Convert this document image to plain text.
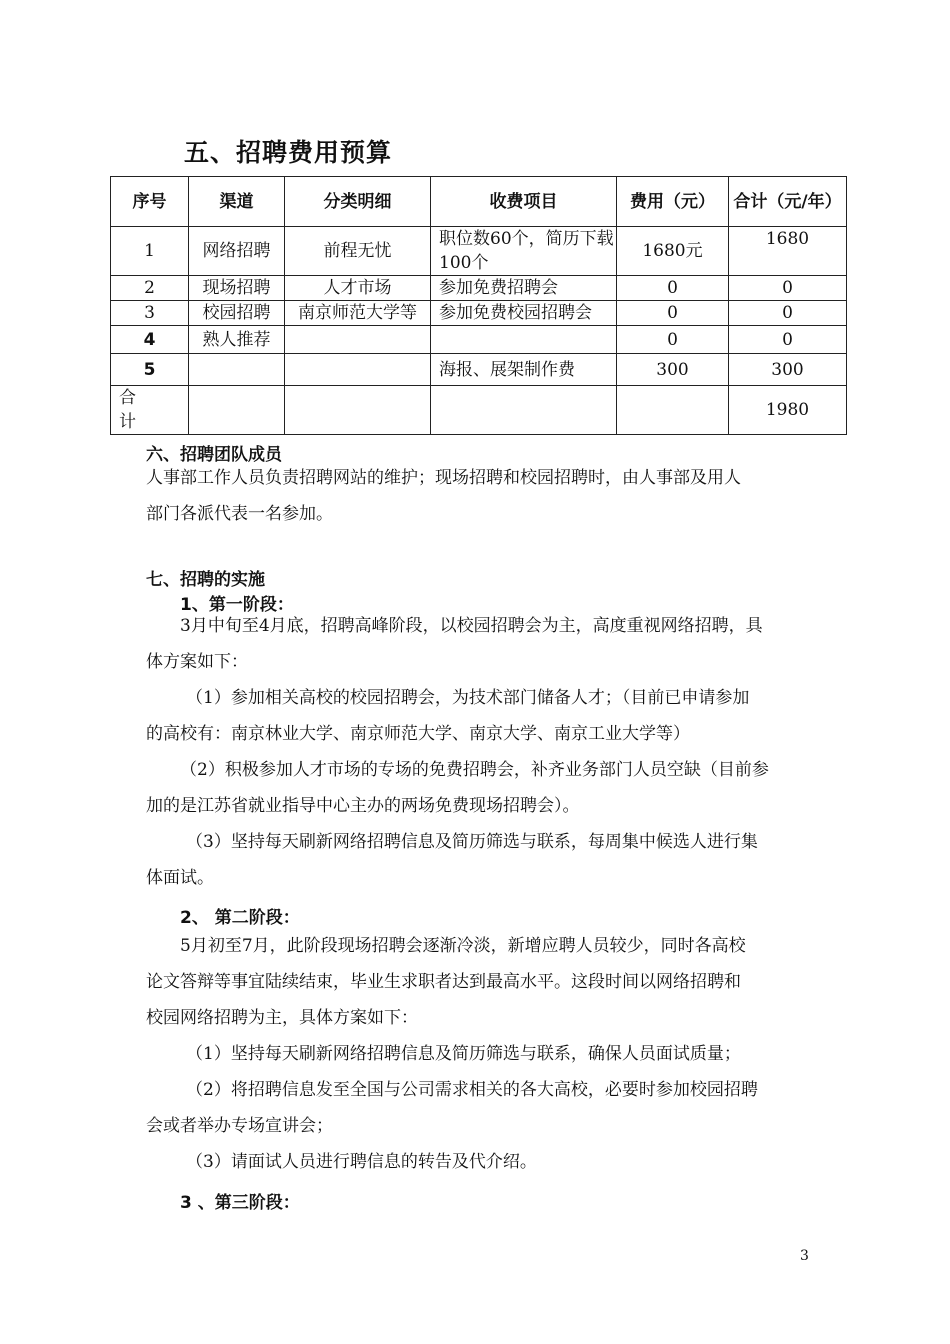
五、招聘费用预算
序号	渠道	分类明细	收费项目	费用（元）	合计（元/年）
1	网络招聘	前程无忧	职位数60个，简历下载100个	1680元	1680
2	现场招聘	人才市场	参加免费招聘会	0	0
3	校园招聘	南京师范大学等	参加免费校园招聘会	0	0
4	熟人推荐			0	0
5			海报、展架制作费	300	300
合计					1980
六、招聘团队成员
人事部工作人员负责招聘网站的维护；现场招聘和校园招聘时，由人事部及用人
部门各派代表一名参加。
七、招聘的实施
1、第一阶段：
3月中旬至4月底，招聘高峰阶段，以校园招聘会为主，高度重视网络招聘，具
体方案如下：
（1）参加相关高校的校园招聘会，为技术部门储备人才；（目前已申请参加
的高校有：南京林业大学、南京师范大学、南京大学、南京工业大学等）
（2）积极参加人才市场的专场的免费招聘会，补齐业务部门人员空缺（目前参
加的是江苏省就业指导中心主办的两场免费现场招聘会）。
（3）坚持每天刷新网络招聘信息及简历筛选与联系，每周集中候选人进行集
体面试。
2、 第二阶段：
5月初至7月，此阶段现场招聘会逐渐冷淡，新增应聘人员较少，同时各高校
论文答辩等事宜陆续结束，毕业生求职者达到最高水平。这段时间以网络招聘和
校园网络招聘为主，具体方案如下：
（1）坚持每天刷新网络招聘信息及简历筛选与联系，确保人员面试质量；
（2）将招聘信息发至全国与公司需求相关的各大高校，必要时参加校园招聘
会或者举办专场宣讲会；
（3）请面试人员进行聘信息的转告及代介绍。
3 、第三阶段：
3
